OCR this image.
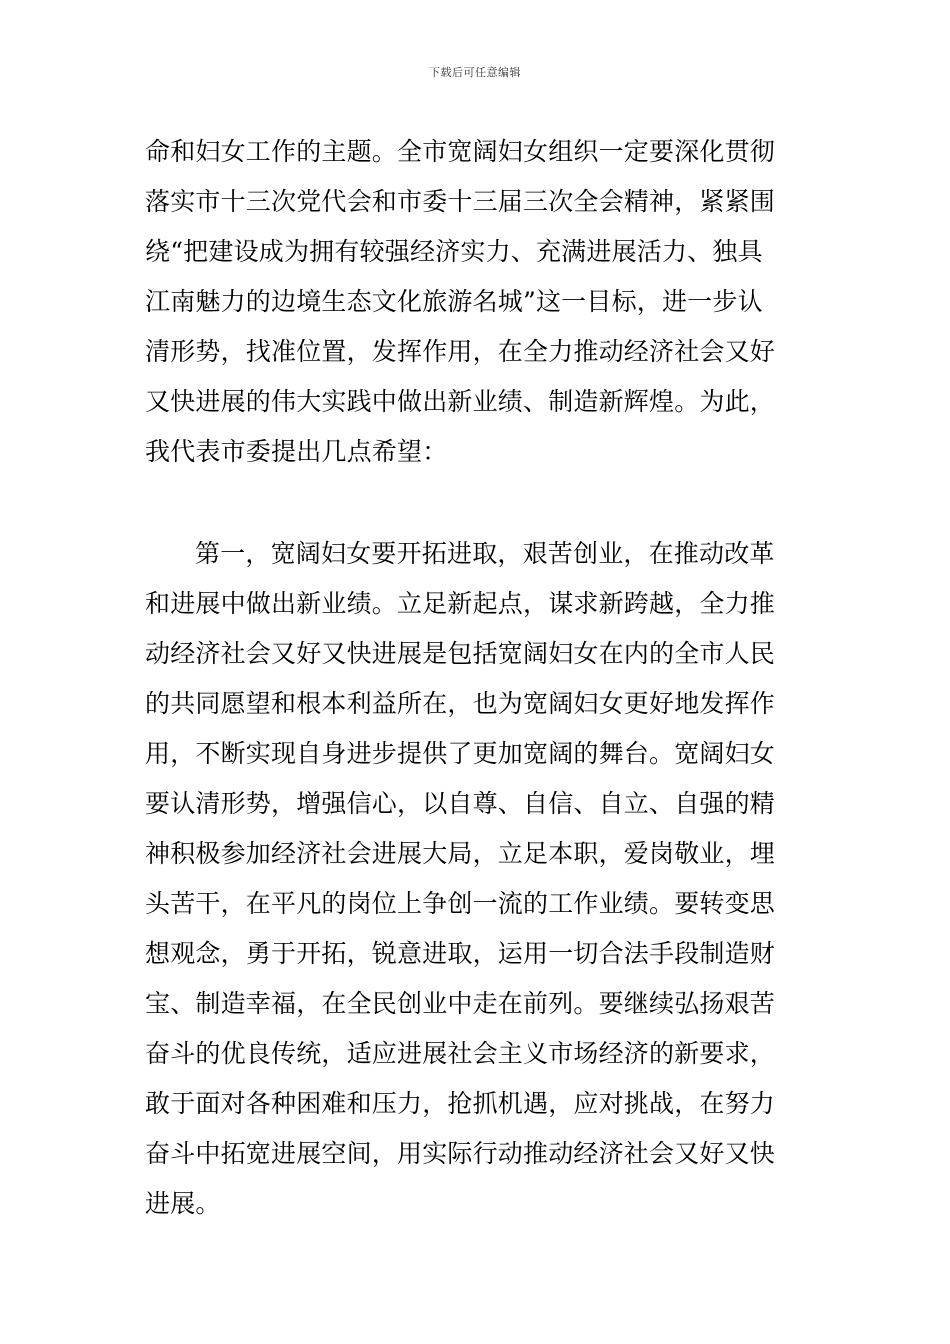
下载后可任意编辑
命和妇女工作的主题。全市宽阔妇女组织一定要深化贯彻
落实市十三次党代会和市委十三届三次全会精神，紧紧围
绕“把建设成为拥有较强经济实力、充满进展活力、独具
江南魅力的边境生态文化旅游名城”这一目标，进一步认
清形势，找准位置，发挥作用，在全力推动经济社会又好
又快进展的伟大实践中做出新业绩、制造新辉煌。为此，
我代表市委提出几点希望：
第一，宽阔妇女要开拓进取，艰苦创业，在推动改革
和进展中做出新业绩。立足新起点，谋求新跨越，全力推
动经济社会又好又快进展是包括宽阔妇女在内的全市人民
的共同愿望和根本利益所在，也为宽阔妇女更好地发挥作
用，不断实现自身进步提供了更加宽阔的舞台。宽阔妇女
要认清形势，增强信心，以自尊、自信、自立、自强的精
神积极参加经济社会进展大局，立足本职，爱岗敬业，埋
头苦干，在平凡的岗位上争创一流的工作业绩。要转变思
想观念，勇于开拓，锐意进取，运用一切合法手段制造财
宝、制造幸福，在全民创业中走在前列。要继续弘扬艰苦
奋斗的优良传统，适应进展社会主义市场经济的新要求，
敢于面对各种困难和压力，抢抓机遇，应对挑战，在努力
奋斗中拓宽进展空间，用实际行动推动经济社会又好又快
进展。
